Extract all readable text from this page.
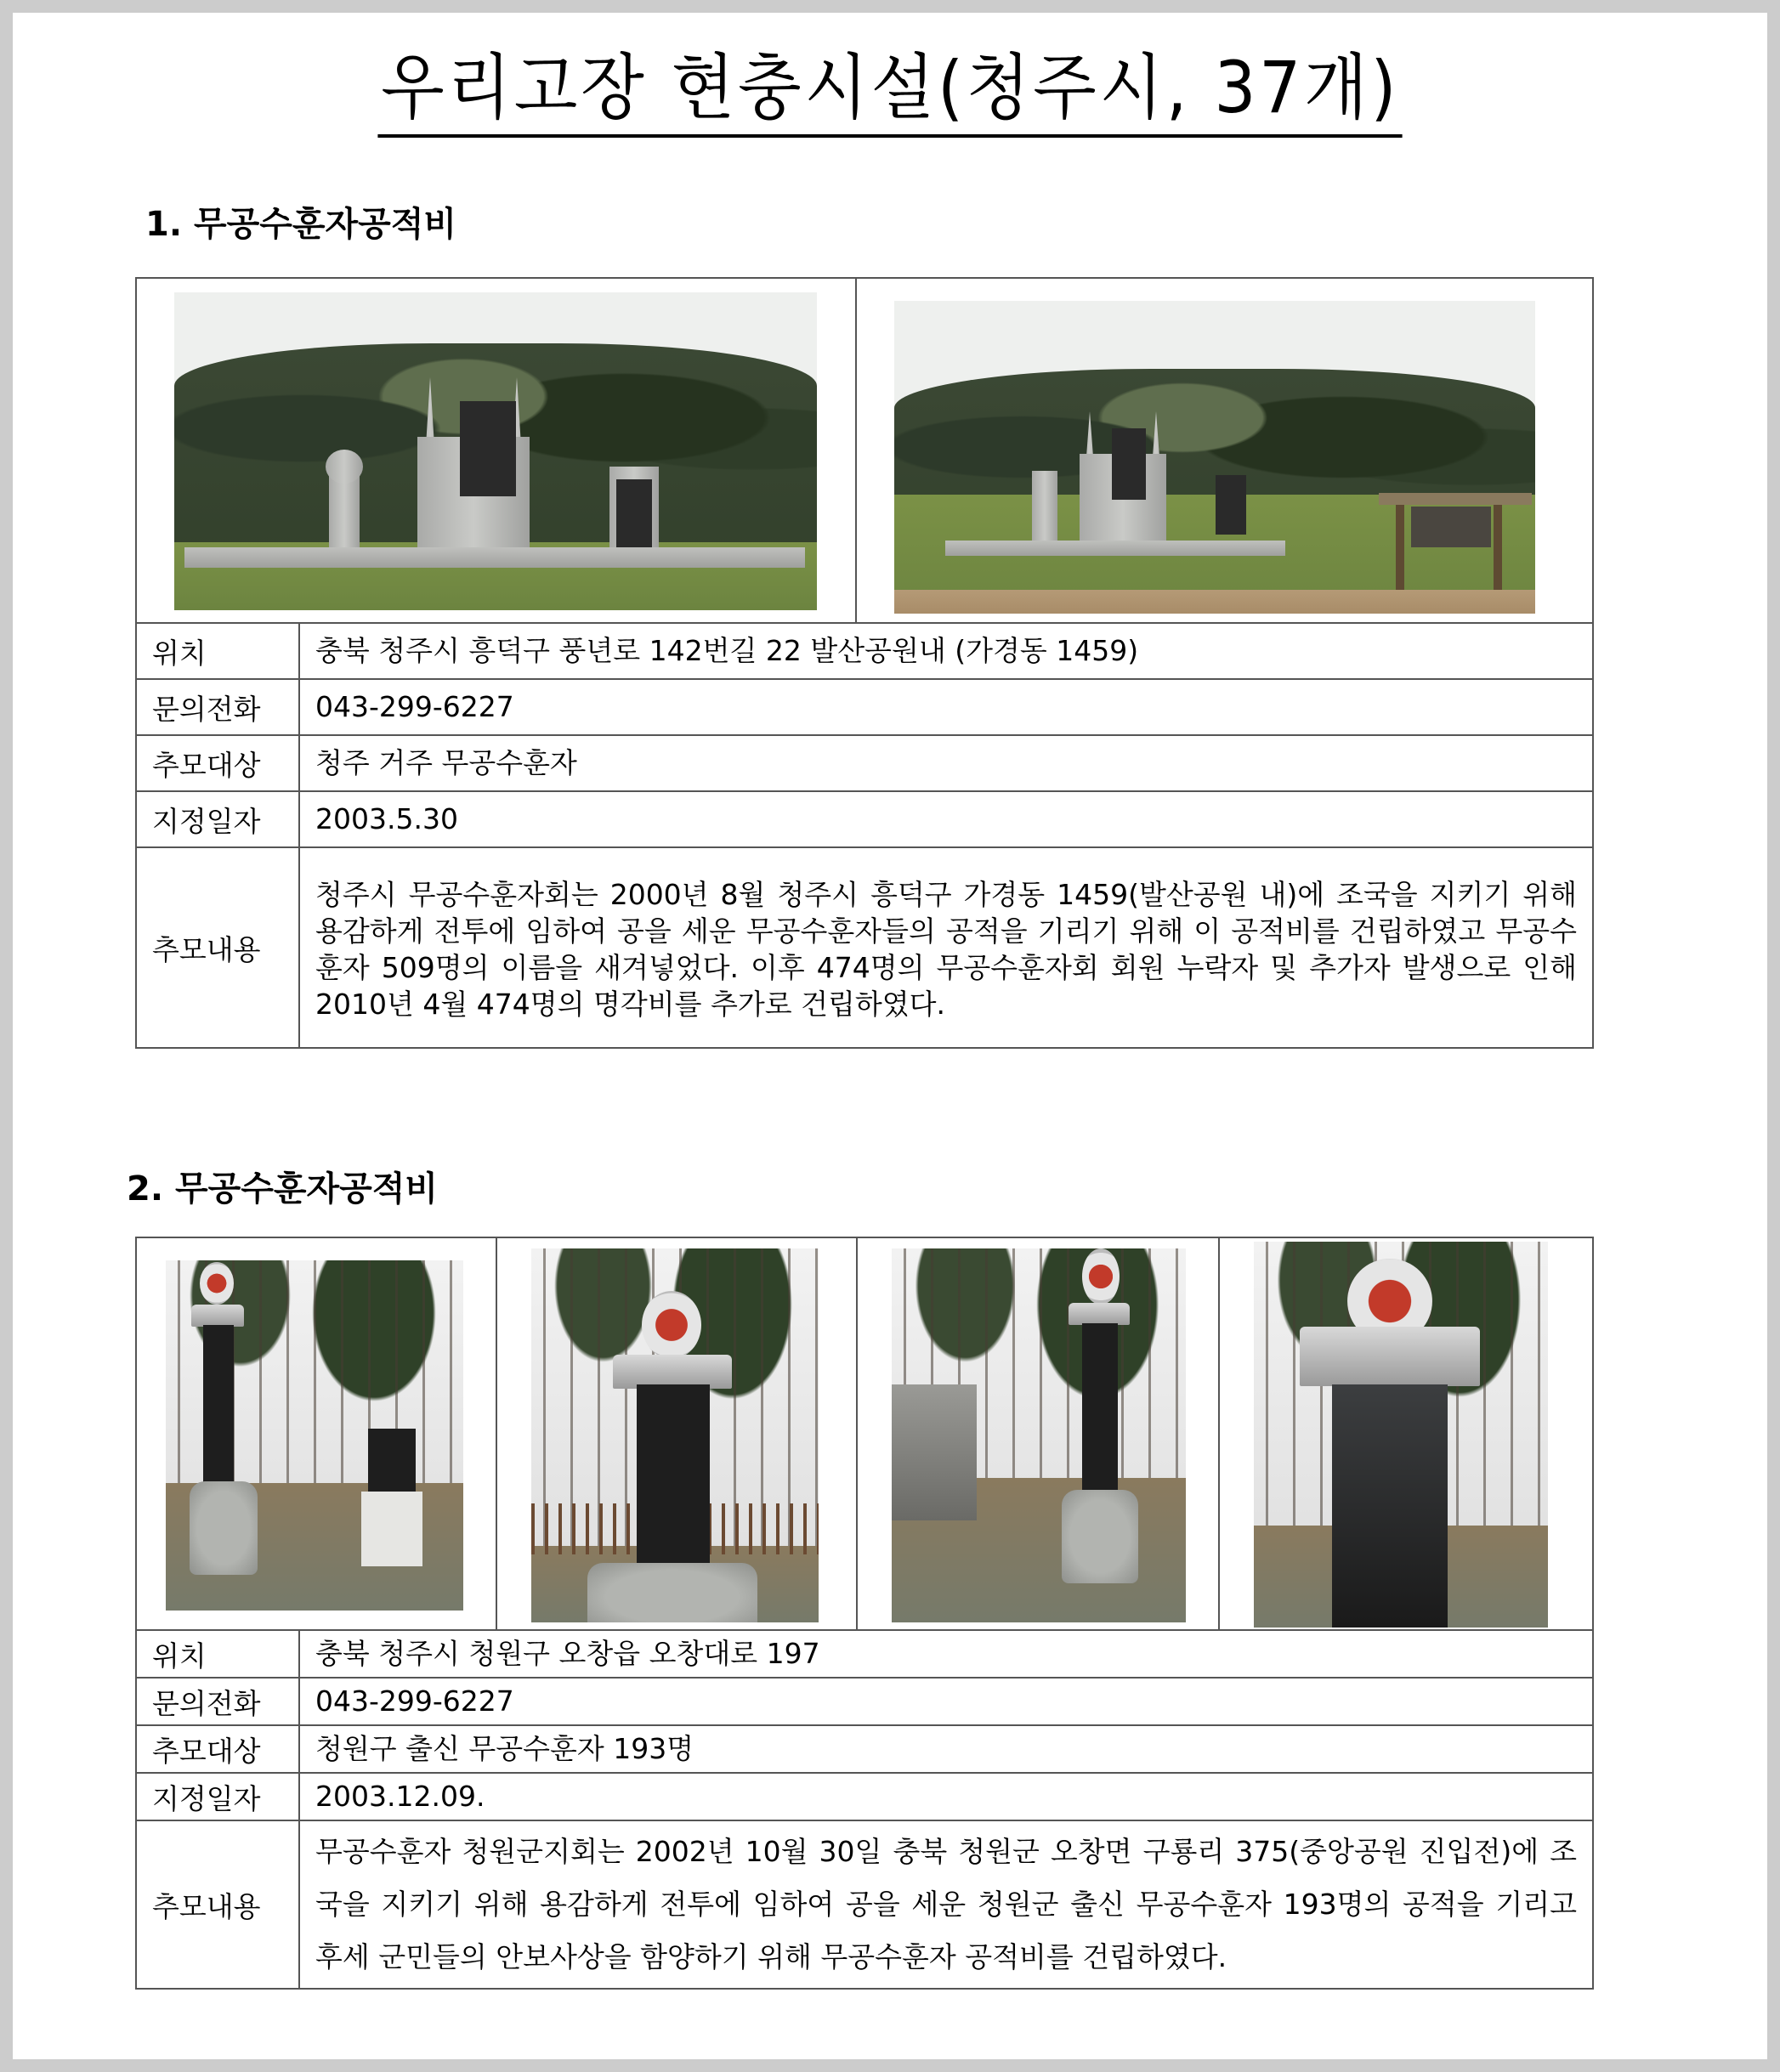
우리고장 현충시설(청주시, 37개)
1. 무공수훈자공적비

위치	충북 청주시 흥덕구 풍년로 142번길 22 발산공원내 (가경동 1459)	
문의전화	043-299-6227	
추모대상	청주 거주 무공수훈자	
지정일자	2003.5.30	
추모내용	청주시 무공수훈자회는 2000년 8월 청주시 흥덕구 가경동 1459(발산공원 내)에 조국을 지키기 위해 용감하게 전투에 임하여 공을 세운 무공수훈자들의 공적을 기리기 위해 이 공적비를 건립하였고 무공수훈자 509명의 이름을 새겨넣었다. 이후 474명의 무공수훈자회 회원 누락자 및 추가자 발생으로 인해 2010년 4월 474명의 명각비를 추가로 건립하였다.	
2. 무공수훈자공적비

위치	충북 청주시 청원구 오창읍 오창대로 197			
문의전화	043-299-6227			
추모대상	청원구 출신 무공수훈자 193명			
지정일자	2003.12.09.			
추모내용	무공수훈자 청원군지회는 2002년 10월 30일 충북 청원군 오창면 구룡리 375(중앙공원 진입전)에 조국을 지키기 위해 용감하게 전투에 임하여 공을 세운 청원군 출신 무공수훈자 193명의 공적을 기리고 후세 군민들의 안보사상을 함양하기 위해 무공수훈자 공적비를 건립하였다.			
